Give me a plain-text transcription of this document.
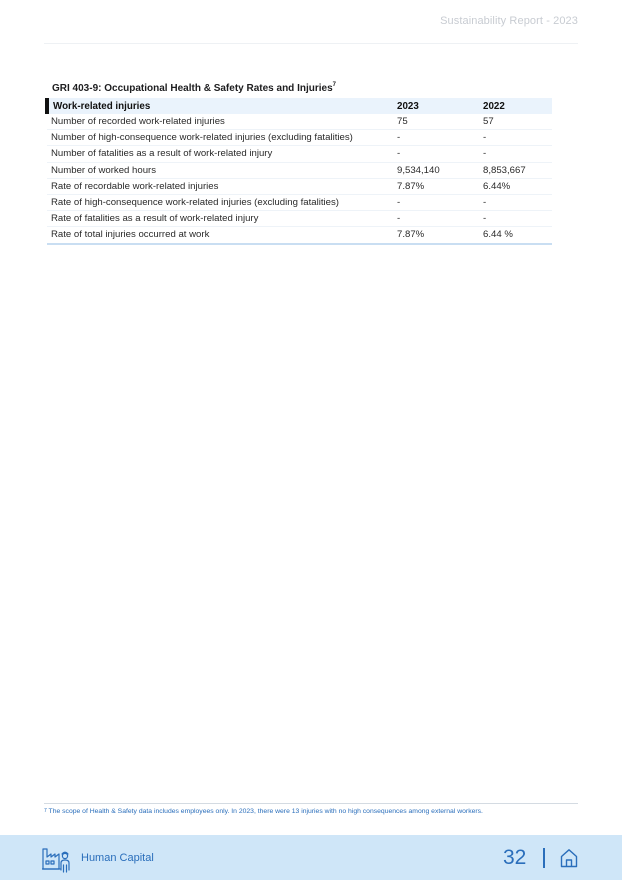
Sustainability Report - 2023
GRI 403-9: Occupational Health & Safety Rates and Injuries$^7$
Work-related injuries	2023	2022
Number of recorded work-related injuries	75	57
Number of high-consequence work-related injuries (excluding fatalities)	-	-
Number of fatalities as a result of work-related injury	-	-
Number of worked hours	9,534,140	8,853,667
Rate of recordable work-related injuries	7.87%	6.44%
Rate of high-consequence work-related injuries (excluding fatalities)	-	-
Rate of fatalities as a result of work-related injury	-	-
Rate of total injuries occurred at work	7.87%	6.44 %
$^7$ The scope of Health & Safety data includes employees only. In 2023, there were 13 injuries with no high consequences among external workers.
Human Capital	32
